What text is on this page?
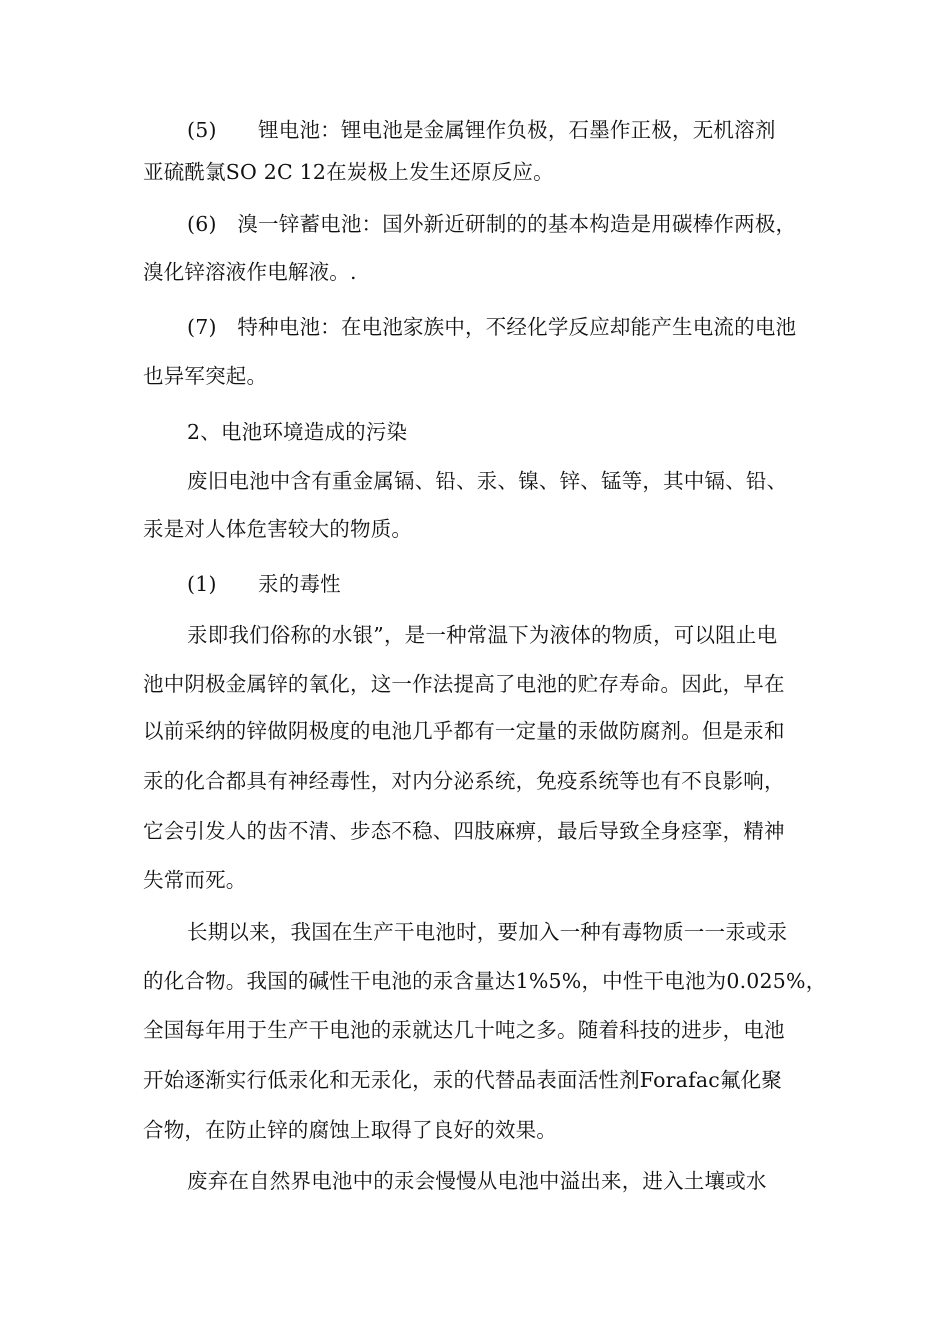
(5)　　锂电池：锂电池是金属锂作负极，石墨作正极，无机溶剂
亚硫酰氯SO 2C 12在炭极上发生还原反应。
(6)　溴一锌蓄电池：国外新近研制的的基本构造是用碳棒作两极，
溴化锌溶液作电解液。.
(7)　特种电池：在电池家族中，不经化学反应却能产生电流的电池
也异军突起。
2、电池环境造成的污染
废旧电池中含有重金属镉、铅、汞、镍、锌、锰等，其中镉、铅、
汞是对人体危害较大的物质。
(1)　　汞的毒性
汞即我们俗称的水银”，是一种常温下为液体的物质，可以阻止电
池中阴极金属锌的氧化，这一作法提高了电池的贮存寿命。因此，早在
以前采纳的锌做阴极度的电池几乎都有一定量的汞做防腐剂。但是汞和
汞的化合都具有神经毒性，对内分泌系统，免疫系统等也有不良影响，
它会引发人的齿不清、步态不稳、四肢麻痹，最后导致全身痉挛，精神
失常而死。
长期以来，我国在生产干电池时，要加入一种有毒物质一一汞或汞
的化合物。我国的碱性干电池的汞含量达1%5%，中性干电池为0.025%，
全国每年用于生产干电池的汞就达几十吨之多。随着科技的进步，电池
开始逐渐实行低汞化和无汞化，汞的代替品表面活性剂Forafac氟化聚
合物，在防止锌的腐蚀上取得了良好的效果。
废弃在自然界电池中的汞会慢慢从电池中溢出来，进入土壤或水
